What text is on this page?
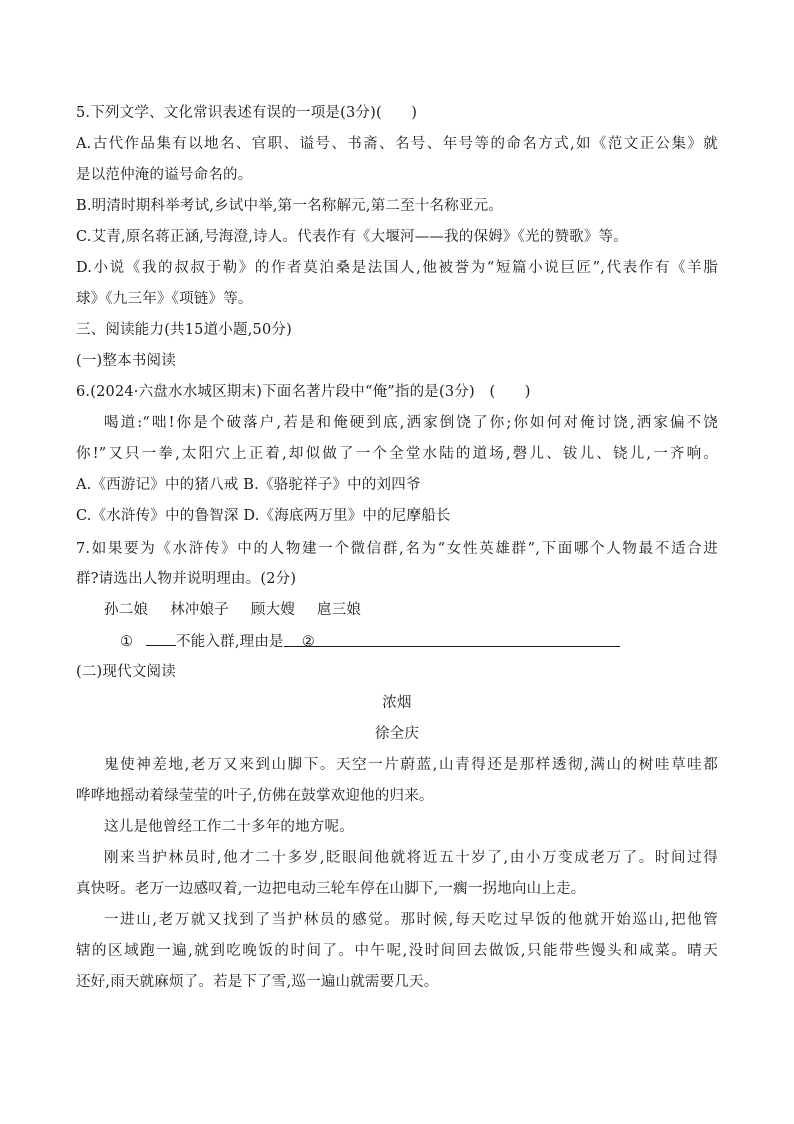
5.下列文学、文化常识表述有误的一项是(3分)(　　)
A.古代作品集有以地名、官职、谥号、书斋、名号、年号等的命名方式,如《范文正公集》就
是以范仲淹的谥号命名的。
B.明清时期科举考试,乡试中举,第一名称解元,第二至十名称亚元。
C.艾青,原名蒋正涵,号海澄,诗人。代表作有《大堰河——我的保姆》《光的赞歌》等。
D.小说《我的叔叔于勒》的作者莫泊桑是法国人,他被誉为“短篇小说巨匠”,代表作有《羊脂
球》《九三年》《项链》等。
三、阅读能力(共15道小题,50分)
(一)整本书阅读
6.(2024·六盘水水城区期末)下面名著片段中“俺”指的是(3分)　(　　)
喝道:“咄!你是个破落户,若是和俺硬到底,洒家倒饶了你;你如何对俺讨饶,洒家偏不饶
你!”又只一拳,太阳穴上正着,却似做了一个全堂水陆的道场,磬儿、钹儿、铙儿,一齐响。
A.《西游记》中的猪八戒 B.《骆驼祥子》中的刘四爷
C.《水浒传》中的鲁智深 D.《海底两万里》中的尼摩船长
7.如果要为《水浒传》中的人物建一个微信群,名为“女性英雄群”,下面哪个人物最不适合进
群?请选出人物并说明理由。(2分)
孙二娘 林冲娘子 顾大嫂 扈三娘
①	不能入群,理由是 ②
(二)现代文阅读
浓烟
徐全庆
鬼使神差地,老万又来到山脚下。天空一片蔚蓝,山青得还是那样透彻,满山的树哇草哇都
哗哗地摇动着绿莹莹的叶子,仿佛在鼓掌欢迎他的归来。
这儿是他曾经工作二十多年的地方呢。
刚来当护林员时,他才二十多岁,眨眼间他就将近五十岁了,由小万变成老万了。时间过得
真快呀。老万一边感叹着,一边把电动三轮车停在山脚下,一瘸一拐地向山上走。
一进山,老万就又找到了当护林员的感觉。那时候,每天吃过早饭的他就开始巡山,把他管
辖的区域跑一遍,就到吃晚饭的时间了。中午呢,没时间回去做饭,只能带些馒头和咸菜。晴天
还好,雨天就麻烦了。若是下了雪,巡一遍山就需要几天。
